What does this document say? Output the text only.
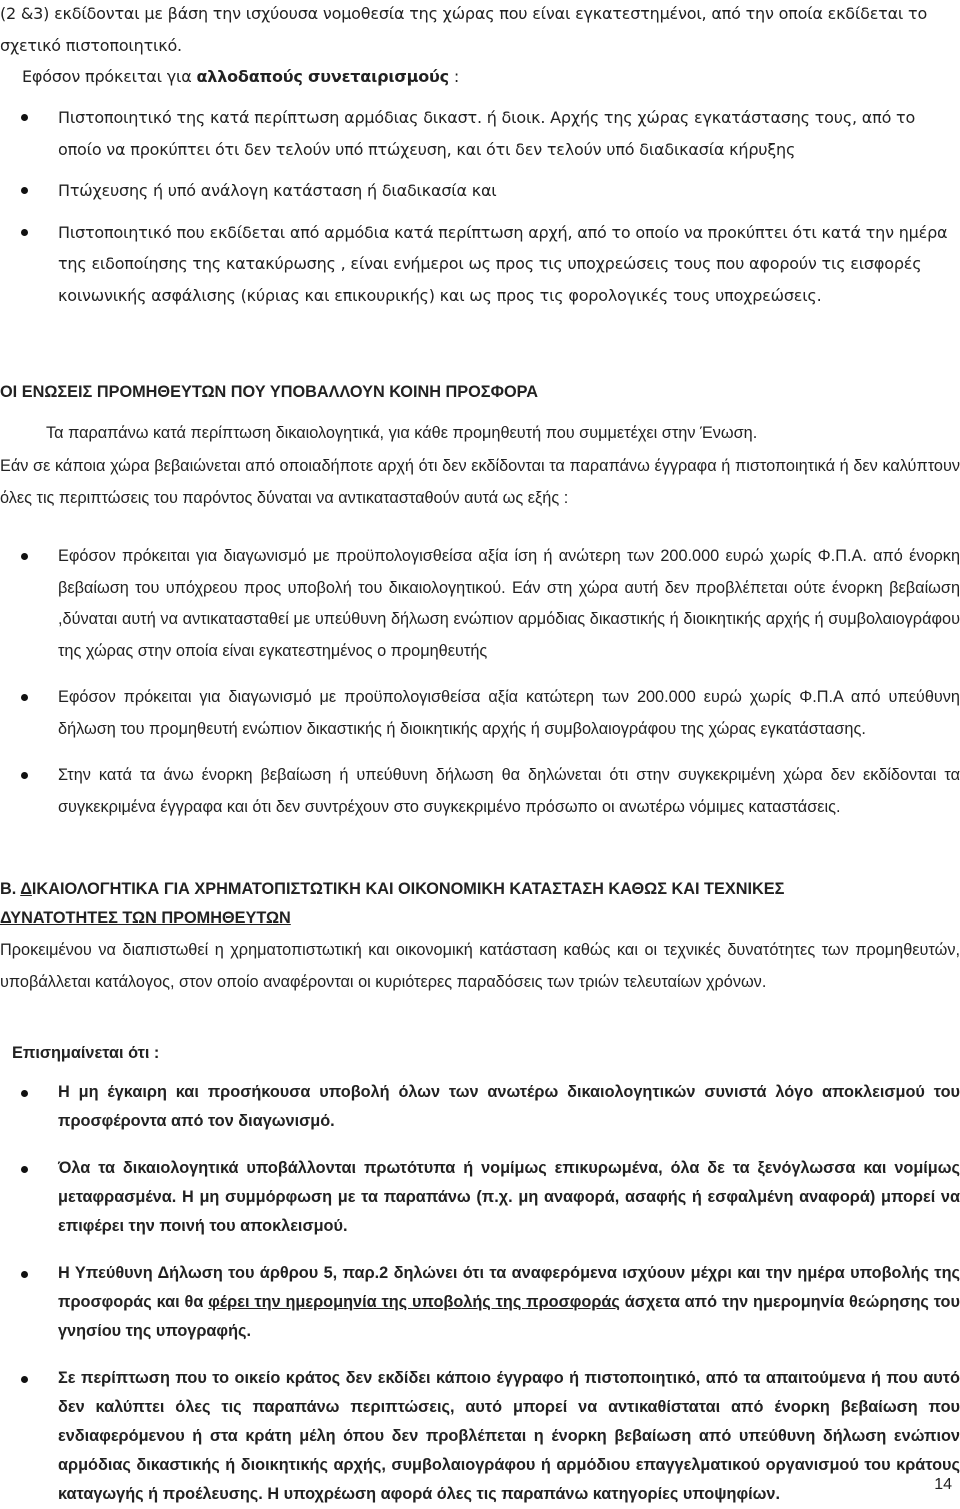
(2 &3) εκδίδονται με βάση την ισχύουσα νομοθεσία της χώρας που είναι εγκατεστημένοι, από την οποία εκδίδεται το σχετικό πιστοποιητικό.

Εφόσον πρόκειται για αλλοδαπούς συνεταιρισμούς :

Πιστοποιητικό της κατά περίπτωση αρμόδιας δικαστ. ή διοικ. Αρχής της χώρας εγκατάστασης τους, από το οποίο να προκύπτει ότι δεν τελούν υπό πτώχευση, και ότι δεν τελούν υπό διαδικασία κήρυξης
Πτώχευσης ή υπό ανάλογη κατάσταση ή διαδικασία και
Πιστοποιητικό που εκδίδεται από αρμόδια κατά περίπτωση αρχή, από το οποίο να προκύπτει ότι κατά την ημέρα της ειδοποίησης της κατακύρωσης , είναι ενήμεροι ως προς τις υποχρεώσεις τους που αφορούν τις εισφορές κοινωνικής ασφάλισης (κύριας και επικουρικής) και ως προς τις φορολογικές τους υποχρεώσεις.

ΟΙ ΕΝΩΣΕΙΣ ΠΡΟΜΗΘΕΥΤΩΝ ΠΟΥ ΥΠΟΒΑΛΛΟΥΝ ΚΟΙΝΗ ΠΡΟΣΦΟΡΑ

Τα παραπάνω κατά περίπτωση δικαιολογητικά, για κάθε προμηθευτή που συμμετέχει στην Ένωση.

Εάν σε κάποια χώρα βεβαιώνεται από οποιαδήποτε αρχή ότι δεν εκδίδονται τα παραπάνω έγγραφα ή πιστοποιητικά ή δεν καλύπτουν όλες τις περιπτώσεις του παρόντος δύναται να αντικατασταθούν αυτά ως εξής :

Εφόσον πρόκειται για διαγωνισμό με προϋπολογισθείσα αξία ίση ή ανώτερη των 200.000 ευρώ χωρίς Φ.Π.Α. από ένορκη βεβαίωση του υπόχρεου προς υποβολή του δικαιολογητικού. Εάν στη χώρα αυτή δεν προβλέπεται ούτε ένορκη βεβαίωση ,δύναται αυτή να αντικατασταθεί με υπεύθυνη δήλωση ενώπιον αρμόδιας δικαστικής ή διοικητικής αρχής ή συμβολαιογράφου της χώρας στην οποία είναι εγκατεστημένος ο προμηθευτής
Εφόσον πρόκειται για διαγωνισμό με προϋπολογισθείσα αξία κατώτερη των 200.000 ευρώ χωρίς Φ.Π.Α από υπεύθυνη δήλωση του προμηθευτή ενώπιον δικαστικής ή διοικητικής αρχής ή συμβολαιογράφου της χώρας εγκατάστασης.
Στην κατά τα άνω ένορκη βεβαίωση ή υπεύθυνη δήλωση θα δηλώνεται ότι στην συγκεκριμένη χώρα δεν εκδίδονται τα συγκεκριμένα έγγραφα και ότι δεν συντρέχουν στο συγκεκριμένο πρόσωπο οι ανωτέρω νόμιμες καταστάσεις.

Β. ΔΙΚΑΙΟΛΟΓΗΤΙΚΑ ΓΙΑ ΧΡΗΜΑΤΟΠΙΣΤΩΤΙΚΗ ΚΑΙ ΟΙΚΟΝΟΜΙΚΗ ΚΑΤΑΣΤΑΣΗ ΚΑΘΩΣ ΚΑΙ ΤΕΧΝΙΚΕΣ
ΔΥΝΑΤΟΤΗΤΕΣ ΤΩΝ ΠΡΟΜΗΘΕΥΤΩΝ

Προκειμένου να διαπιστωθεί η χρηματοπιστωτική και οικονομική κατάσταση καθώς και οι τεχνικές δυνατότητες των προμηθευτών, υποβάλλεται κατάλογος, στον οποίο αναφέρονται οι κυριότερες παραδόσεις των τριών τελευταίων χρόνων.

Επισημαίνεται ότι :

Η μη έγκαιρη και προσήκουσα υποβολή όλων των ανωτέρω δικαιολογητικών συνιστά λόγο αποκλεισμού του προσφέροντα από τον διαγωνισμό.
Όλα τα δικαιολογητικά υποβάλλονται πρωτότυπα ή νομίμως επικυρωμένα, όλα δε τα ξενόγλωσσα και νομίμως μεταφρασμένα. Η μη συμμόρφωση με τα παραπάνω (π.χ. μη αναφορά, ασαφής ή εσφαλμένη αναφορά) μπορεί να επιφέρει την ποινή του αποκλεισμού.
Η Υπεύθυνη Δήλωση του άρθρου 5, παρ.2 δηλώνει ότι τα αναφερόμενα ισχύουν μέχρι και την ημέρα υποβολής της προσφοράς και θα φέρει την ημερομηνία της υποβολής της προσφοράς άσχετα από την ημερομηνία θεώρησης του γνησίου της υπογραφής.
Σε περίπτωση που το οικείο κράτος δεν εκδίδει κάποιο έγγραφο ή πιστοποιητικό, από τα απαιτούμενα ή που αυτό δεν καλύπτει όλες τις παραπάνω περιπτώσεις, αυτό μπορεί να αντικαθίσταται από ένορκη βεβαίωση που ενδιαφερόμενου ή στα κράτη μέλη όπου δεν προβλέπεται η ένορκη βεβαίωση από υπεύθυνη δήλωση ενώπιον αρμόδιας δικαστικής ή διοικητικής αρχής, συμβολαιογράφου ή αρμόδιου επαγγελματικού οργανισμού του κράτους καταγωγής ή προέλευσης. Η υποχρέωση αφορά όλες τις παραπάνω κατηγορίες υποψηφίων.
14
